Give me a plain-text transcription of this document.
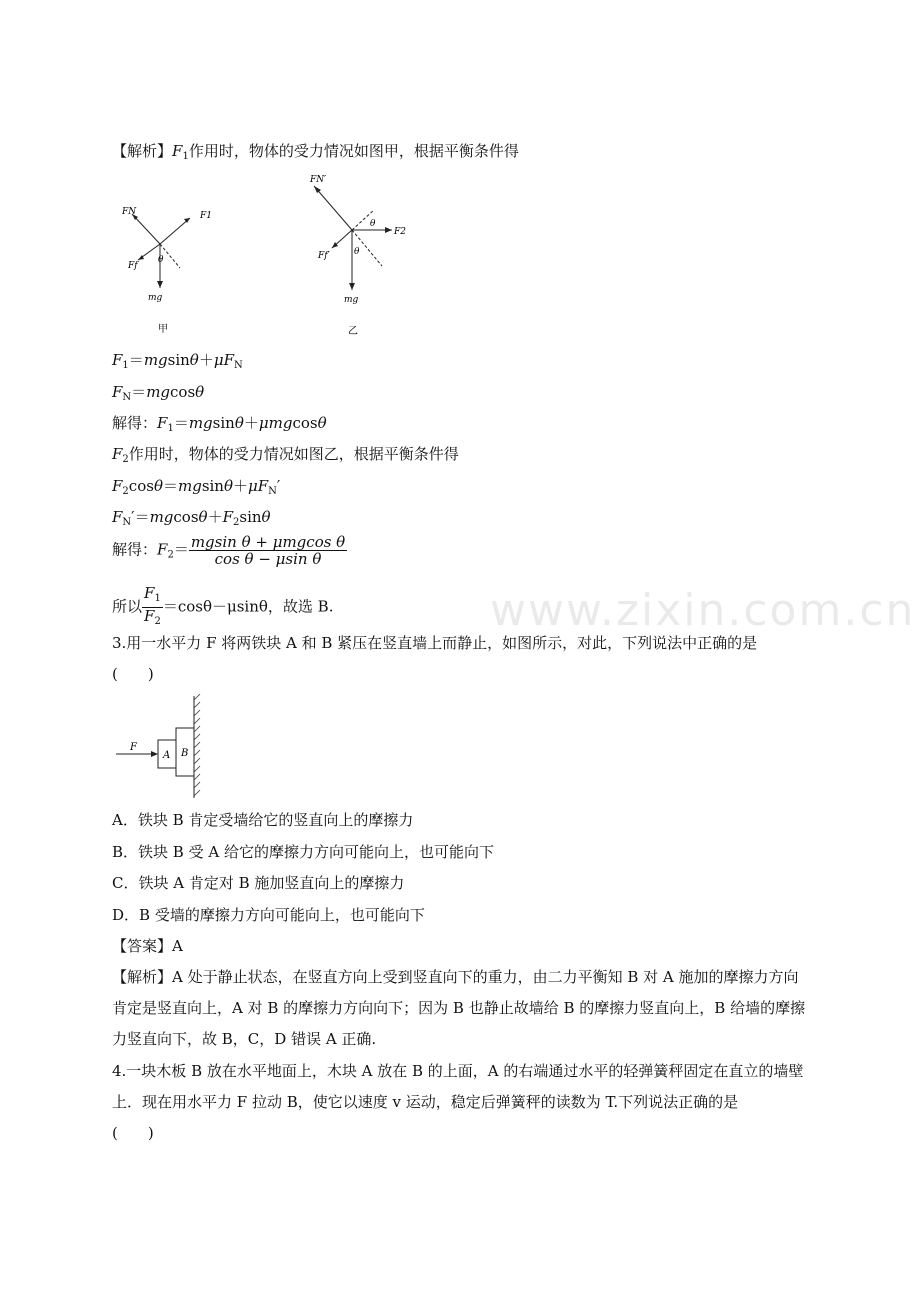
www.zixin.com.cn
【解析】$F_1$作用时，物体的受力情况如图甲，根据平衡条件得
FN	F1
Ff
θ
mg
甲
FN′
F2
Ff′	θ
θ
mg
乙
$F_1=mgsin\theta+\mu F_N$
$F_N=mgcos\theta$
解得：$F_1=mgsin\theta+\mu mgcos\theta$
$F_2$作用时，物体的受力情况如图乙，根据平衡条件得
$F_2\cos\theta=mgsin\theta+\mu F_N'$
$F_N'=mgcos\theta+F_2\sin\theta$
解得：$F_2= \frac{\text{mgsin θ + μmgcos θ}}{\text{cos θ − μsin θ}}$
所以 $\frac{F_1}{F_2} =\cos\theta-\mu\sin\theta$，故选 B.
3.用一水平力 F 将两铁块 A 和 B 紧压在竖直墙上而静止，如图所示，对此，下列说法中正确的是
(　　)
F
A B
A．铁块 B 肯定受墙给它的竖直向上的摩擦力
B．铁块 B 受 A 给它的摩擦力方向可能向上，也可能向下
C．铁块 A 肯定对 B 施加竖直向上的摩擦力
D．B 受墙的摩擦力方向可能向上，也可能向下
【答案】A
【解析】A 处于静止状态，在竖直方向上受到竖直向下的重力，由二力平衡知 B 对 A 施加的摩擦力方向肯定是竖直向上，A 对 B 的摩擦力方向向下；因为 B 也静止故墙给 B 的摩擦力竖直向上，B 给墙的摩擦力竖直向下，故 B，C，D 错误 A 正确.
4.一块木板 B 放在水平地面上，木块 A 放在 B 的上面，A 的右端通过水平的轻弹簧秤固定在直立的墙壁上．现在用水平力 F 拉动 B，使它以速度 v 运动，稳定后弹簧秤的读数为 T.下列说法正确的是
(　　)
